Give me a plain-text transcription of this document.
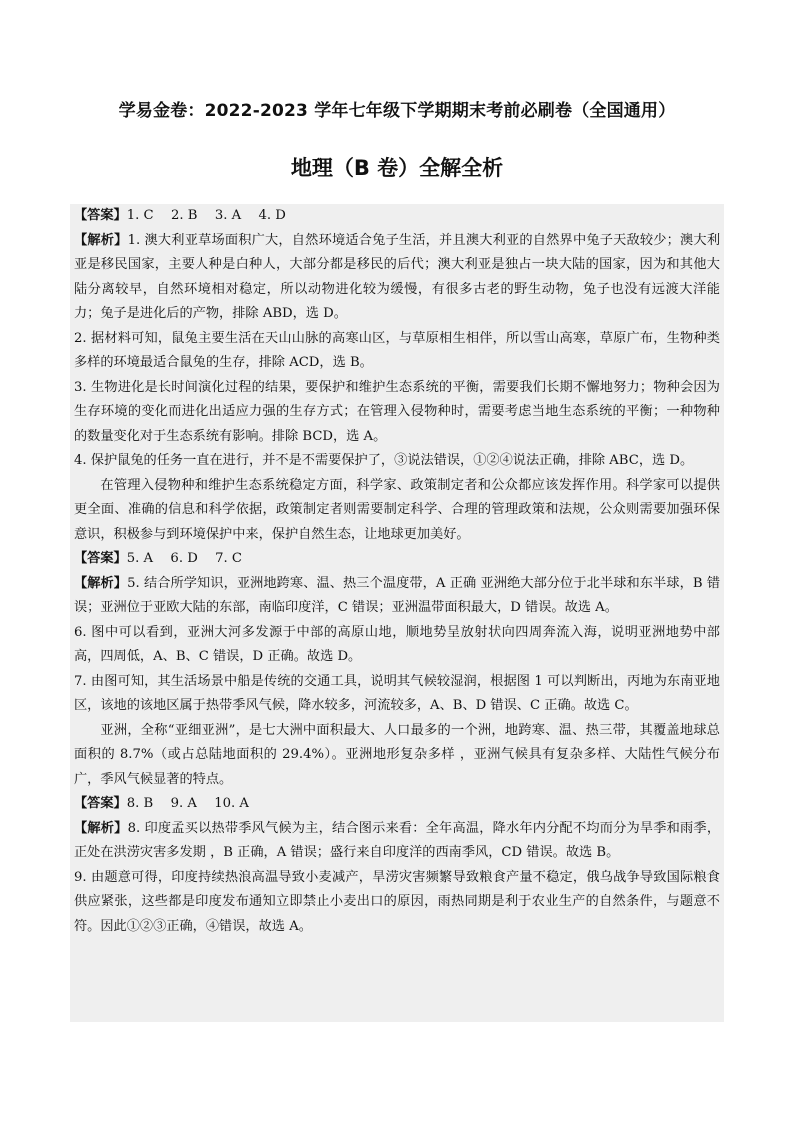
学易金卷：2022-2023 学年七年级下学期期末考前必刷卷（全国通用）
地理（B 卷）全解全析

【答案】1. C　 2. B　 3. A　 4. D

【解析】1. 澳大利亚草场面积广大，自然环境适合兔子生活，并且澳大利亚的自然界中兔子天敌较少；澳大利亚是移民国家，主要人种是白种人，大部分都是移民的后代；澳大利亚是独占一块大陆的国家，因为和其他大陆分离较早，自然环境相对稳定，所以动物进化较为缓慢，有很多古老的野生动物，兔子也没有远渡大洋能力；兔子是进化后的产物，排除 ABD，选 D。

2. 据材料可知，鼠兔主要生活在天山山脉的高寒山区，与草原相生相伴，所以雪山高寒，草原广布，生物种类多样的环境最适合鼠兔的生存，排除 ACD，选 B。

3. 生物进化是长时间演化过程的结果，要保护和维护生态系统的平衡，需要我们长期不懈地努力；物种会因为生存环境的变化而进化出适应力强的生存方式；在管理入侵物种时，需要考虑当地生态系统的平衡；一种物种的数量变化对于生态系统有影响。排除 BCD，选 A。

4. 保护鼠兔的任务一直在进行，并不是不需要保护了，③说法错误，①②④说法正确，排除 ABC，选 D。

在管理入侵物种和维护生态系统稳定方面，科学家、政策制定者和公众都应该发挥作用。科学家可以提供更全面、准确的信息和科学依据，政策制定者则需要制定科学、合理的管理政策和法规，公众则需要加强环保意识，积极参与到环境保护中来，保护自然生态，让地球更加美好。

【答案】5. A　 6. D　 7. C

【解析】5. 结合所学知识，亚洲地跨寒、温、热三个温度带，A 正确 亚洲绝大部分位于北半球和东半球，B 错误；亚洲位于亚欧大陆的东部，南临印度洋，C 错误；亚洲温带面积最大，D 错误。故选 A。

6. 图中可以看到，亚洲大河多发源于中部的高原山地，顺地势呈放射状向四周奔流入海，说明亚洲地势中部高，四周低，A、B、C 错误，D 正确。故选 D。

7. 由图可知，其生活场景中船是传统的交通工具，说明其气候较湿润，根据图 1 可以判断出，丙地为东南亚地区，该地的该地区属于热带季风气候，降水较多，河流较多，A、B、D 错误、C 正确。故选 C。

亚洲，全称“亚细亚洲”，是七大洲中面积最大、人口最多的一个洲，地跨寒、温、热三带，其覆盖地球总面积的 8.7%（或占总陆地面积的 29.4%）。亚洲地形复杂多样 ，亚洲气候具有复杂多样、大陆性气候分布广，季风气候显著的特点。

【答案】8. B　 9. A　 10. A

【解析】8. 印度孟买以热带季风气候为主，结合图示来看：全年高温，降水年内分配不均而分为旱季和雨季，正处在洪涝灾害多发期 ，B 正确，A 错误；盛行来自印度洋的西南季风，CD 错误。故选 B。

9. 由题意可得，印度持续热浪高温导致小麦减产，旱涝灾害频繁导致粮食产量不稳定，俄乌战争导致国际粮食供应紧张，这些都是印度发布通知立即禁止小麦出口的原因，雨热同期是利于农业生产的自然条件，与题意不符。因此①②③正确，④错误，故选 A。
